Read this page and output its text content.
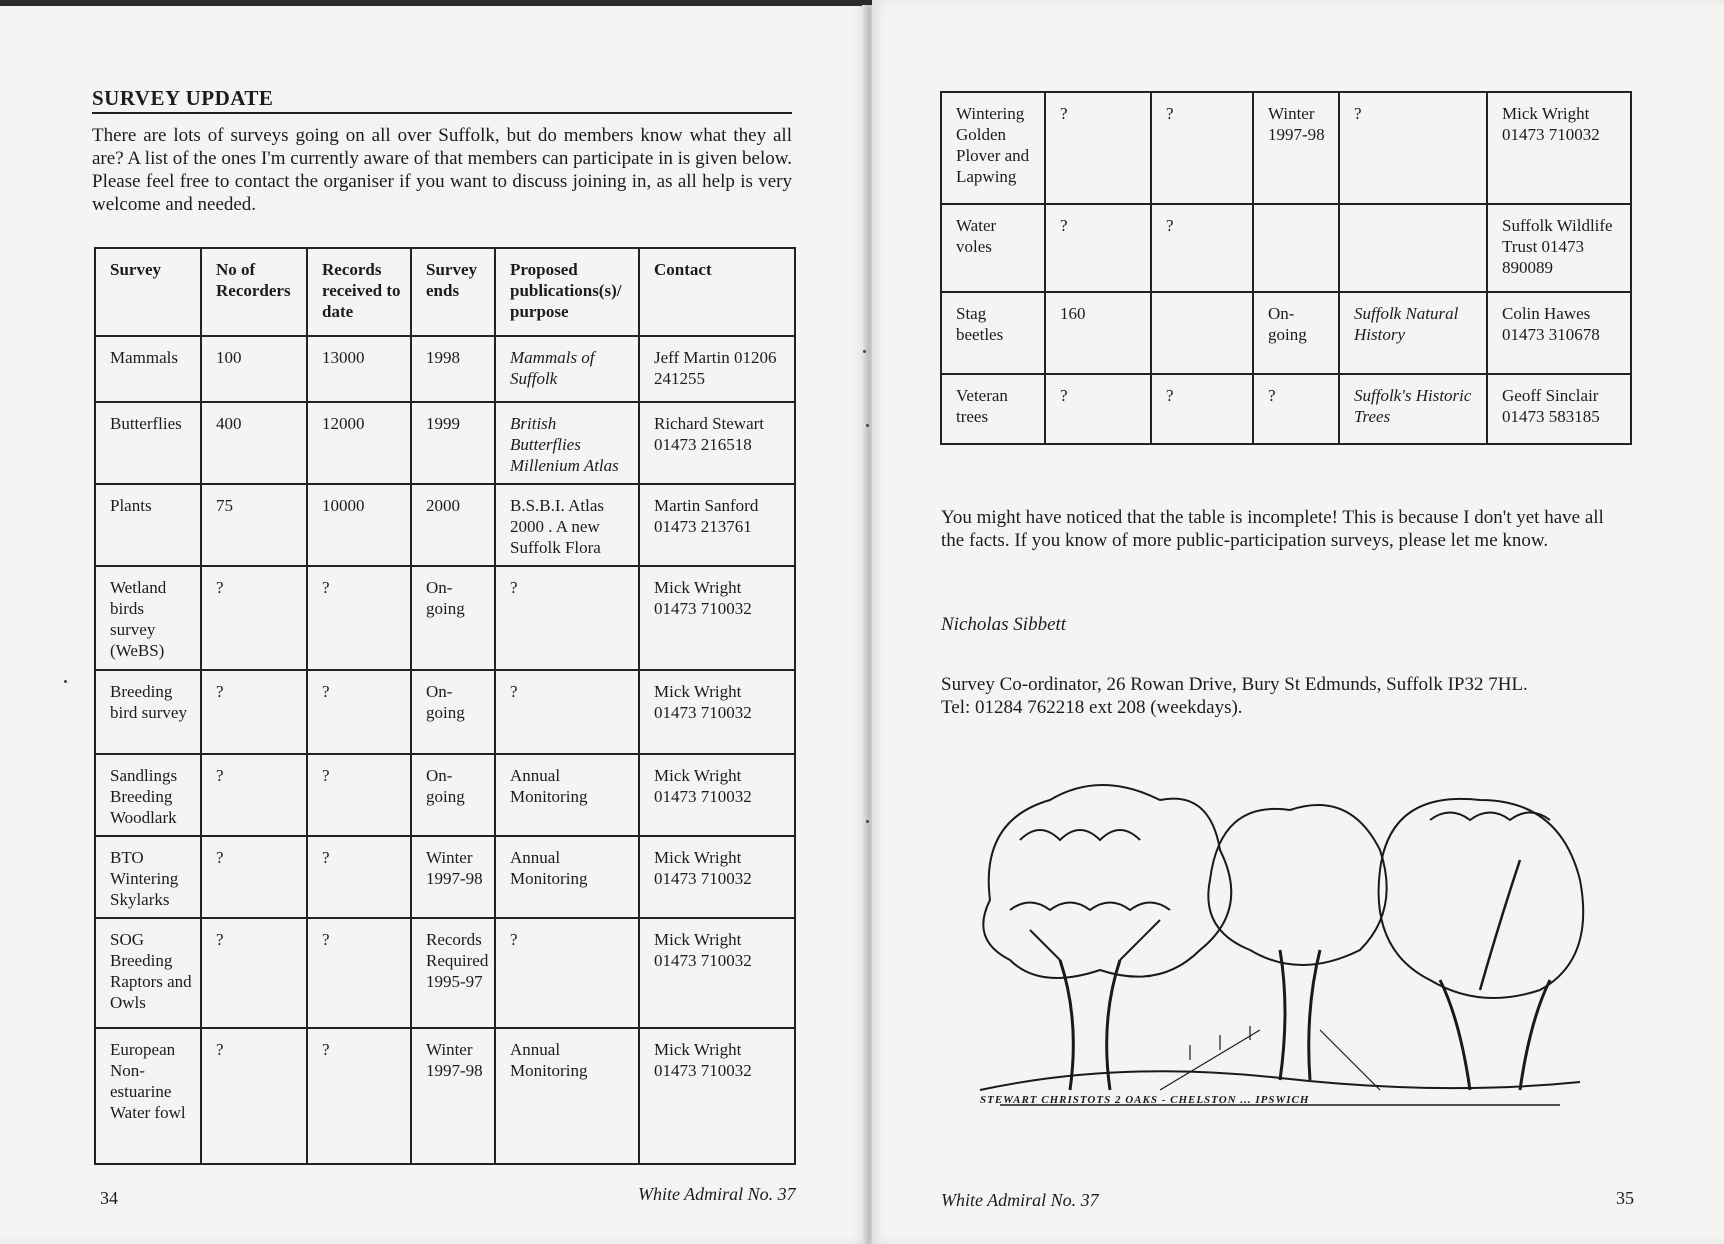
SURVEY UPDATE
There are lots of surveys going on all over Suffolk, but do members know what they all are? A list of the ones I'm currently aware of that members can participate in is given below. Please feel free to contact the organiser if you want to discuss joining in, as all help is very welcome and needed.
Survey	No of Recorders	Records received to date	Survey ends	Proposed publications(s)/ purpose	Contact
Mammals	100	13000	1998	Mammals of Suffolk	Jeff Martin 01206 241255
Butterflies	400	12000	1999	British Butterflies Millenium Atlas	Richard Stewart 01473 216518
Plants	75	10000	2000	B.S.B.I. Atlas 2000 . A new Suffolk Flora	Martin Sanford 01473 213761
Wetland birds survey (WeBS)	?	?	On-going	?	Mick Wright 01473 710032
Breeding bird survey	?	?	On-going	?	Mick Wright 01473 710032
Sandlings Breeding Woodlark	?	?	On-going	Annual Monitoring	Mick Wright 01473 710032
BTO Wintering Skylarks	?	?	Winter 1997-98	Annual Monitoring	Mick Wright 01473 710032
SOG Breeding Raptors and Owls	?	?	Records Required 1995-97	?	Mick Wright 01473 710032
European Non-estuarine Water fowl	?	?	Winter 1997-98	Annual Monitoring	Mick Wright 01473 710032
34	White Admiral No. 37
Wintering Golden Plover and Lapwing	?	?	Winter 1997-98	?	Mick Wright 01473 710032
Water voles	?	?			Suffolk Wildlife Trust 01473 890089
Stag beetles	160		On-going	Suffolk Natural History	Colin Hawes 01473 310678
Veteran trees	?	?	?	Suffolk's Historic Trees	Geoff Sinclair 01473 583185
You might have noticed that the table is incomplete! This is because I don't yet have all the facts. If you know of more public-participation surveys, please let me know.
Nicholas Sibbett
Survey Co-ordinator, 26 Rowan Drive, Bury St Edmunds, Suffolk IP32 7HL.
Tel: 01284 762218 ext 208 (weekdays).
STEWART CHRISTOTS 2 OAKS - CHELSTON ... IPSWICH
White Admiral No. 37	35
